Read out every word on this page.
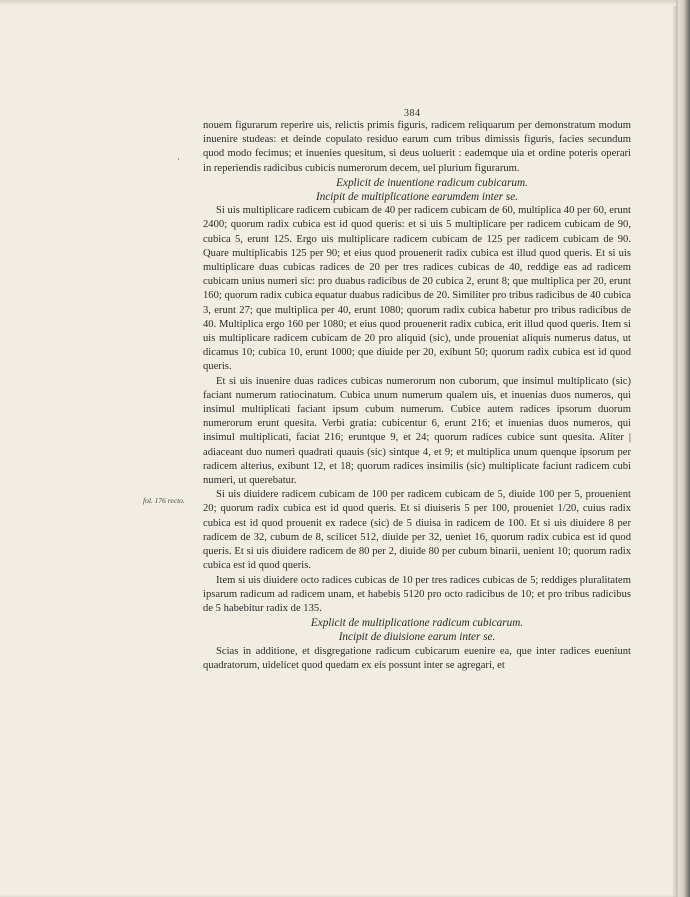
384
fol. 176 recto.

nouem figurarum reperire uis, relictis primis figuris, radicem reliquarum per demonstratum modum inuenire studeas: et deinde copulato residuo earum cum tribus dimissis figuris, facies secundum quod modo fecimus; et inuenies quesitum, si deus uoluerit : eademque uia et ordine poteris operari in reperiendis radicibus cubicis numerorum decem, uel plurium figurarum.

Explicit de inuentione radicum cubicarum.
Incipit de multiplicatione earumdem inter se.

Si uis multiplicare radicem cubicam de 40 per radicem cubicam de 60, multiplica 40 per 60, erunt 2400; quorum radix cubica est id quod queris: et si uis 5 multiplicare per radicem cubicam de 90, cubica 5, erunt 125. Ergo uis multiplicare radicem cubicam de 125 per radicem cubicam de 90. Quare multiplicabis 125 per 90; et eius quod prouenerit radix cubica est illud quod queris. Et si uis multiplicare duas cubicas radices de 20 per tres radices cubicas de 40, reddige eas ad radicem cubicam unius numeri sic: pro duabus radicibus de 20 cubica 2, erunt 8; que multiplica per 20, erunt 160; quorum radix cubica equatur duabus radicibus de 20. Similiter pro tribus radicibus de 40 cubica 3, erunt 27; que multiplica per 40, erunt 1080; quorum radix cubica habetur pro tribus radicibus de 40. Multiplica ergo 160 per 1080; et eius quod prouenerit radix cubica, erit illud quod queris. Item si uis multiplicare radicem cubicam de 20 pro aliquid (sic), unde proueniat aliquis numerus datus, ut dicamus 10; cubica 10, erunt 1000; que diuide per 20, exibunt 50; quorum radix cubica est id quod queris.

Et si uis inuenire duas radices cubicas numerorum non cuborum, que insimul multiplicato (sic) faciant numerum ratiocinatum. Cubica unum numerum qualem uis, et inuenias duos numeros, qui insimul multiplicati faciant ipsum cubum numerum. Cubice autem radices ipsorum duorum numerorum erunt quesita. Verbi gratia: cubicentur 6, erunt 216; et inuenias duos numeros, qui insimul multiplicati, faciat 216; eruntque 9, et 24; quorum radices cubice sunt quesita. Aliter | adiaceant duo numeri quadrati quauis (sic) sintque 4, et 9; et multiplica unum quenque ipsorum per radicem alterius, exibunt 12, et 18; quorum radices insimilis (sic) multiplicate faciunt radicem cubi numeri, ut querebatur.

Si uis diuidere radicem cubicam de 100 per radicem cubicam de 5, diuide 100 per 5, prouenient 20; quorum radix cubica est id quod queris. Et si diuiseris 5 per 100, proueniet 1/20, cuius radix cubica est id quod prouenit ex radece (sic) de 5 diuisa in radicem de 100. Et si uis diuidere 8 per radicem de 32, cubum de 8, scilicet 512, diuide per 32, ueniet 16, quorum radix cubica est id quod queris. Et si uis diuidere radicem de 80 per 2, diuide 80 per cubum binarii, uenient 10; quorum radix cubica est id quod queris.

Item si uis diuidere octo radices cubicas de 10 per tres radices cubicas de 5; reddiges pluralitatem ipsarum radicum ad radicem unam, et habebis 5120 pro octo radicibus de 10; et pro tribus radicibus de 5 habebitur radix de 135.

Explicit de multiplicatione radicum cubicarum.
Incipit de diuisione earum inter se.

Scias in additione, et disgregatione radicum cubicarum euenire ea, que inter radices eueniunt quadratorum, uidelicet quod quedam ex eis possunt inter se agregari, et
